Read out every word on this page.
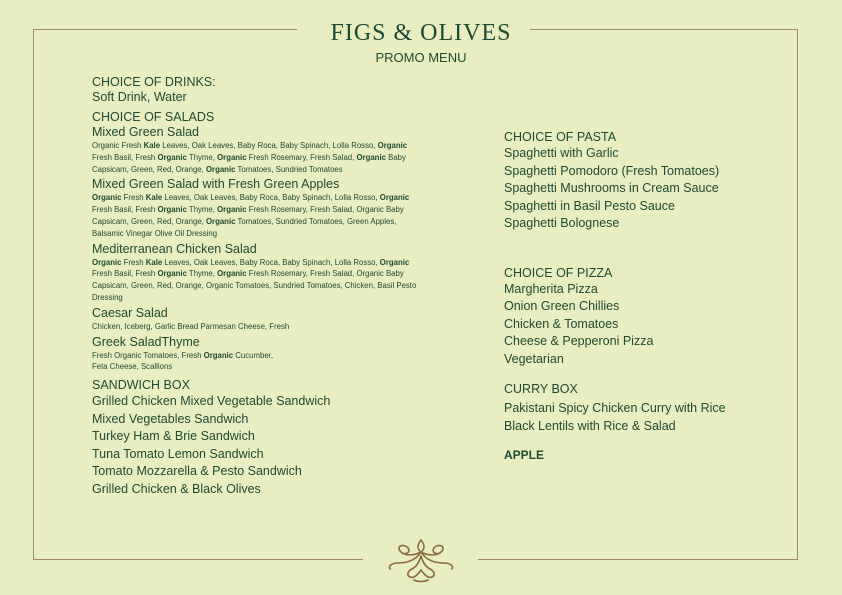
FIGS & OLIVES
PROMO MENU
CHOICE OF DRINKS:
Soft Drink, Water
CHOICE OF SALADS
Mixed Green Salad
Organic Fresh Kale Leaves, Oak Leaves, Baby Roca, Baby Spinach, Lolla Rosso, Organic Fresh Basil, Fresh Organic Thyme, Organic Fresh Rosemary, Fresh Salad, Organic Baby Capsicam, Green, Red, Orange, Organic Tomatoes, Sundried Tomatoes
Mixed Green Salad with Fresh Green Apples
Organic Fresh Kale Leaves, Oak Leaves, Baby Roca, Baby Spinach, Lolla Rosso, Organic Fresh Basil, Fresh Organic Thyme, Organic Fresh Rosemary, Fresh Salad, Organic Baby Capsicam, Green, Red, Orange, Organic Tomatoes, Sundried Tomatoes, Green Apples, Balsamic Vinegar Olive Oil Dressing
Mediterranean Chicken Salad
Organic Fresh Kale Leaves, Oak Leaves, Baby Roca, Baby Spinach, Lolla Rosso, Organic Fresh Basil, Fresh Organic Thyme, Organic Fresh Rosemary, Fresh Salad, Organic Baby Capsicam, Green, Red, Orange, Organic Tomatoes, Sundried Tomatoes, Chicken, Basil Pesto Dressing
Caesar Salad
Chicken, Iceberg, Garlic Bread Parmesan Cheese, Fresh
Greek SaladThyme
Fresh Organic Tomatoes, Fresh Organic Cucumber,
Feta Cheese, Scallions
SANDWICH BOX
Grilled Chicken Mixed Vegetable Sandwich
Mixed Vegetables Sandwich
Turkey Ham & Brie Sandwich
Tuna Tomato Lemon Sandwich
Tomato Mozzarella & Pesto Sandwich
Grilled Chicken & Black Olives
CHOICE OF PASTA
Spaghetti with Garlic
Spaghetti Pomodoro (Fresh Tomatoes)
Spaghetti Mushrooms in Cream Sauce
Spaghetti in Basil Pesto Sauce
Spaghetti Bolognese
CHOICE OF PIZZA
Margherita Pizza
Onion Green Chillies
Chicken & Tomatoes
Cheese & Pepperoni Pizza
Vegetarian
CURRY BOX
Pakistani Spicy Chicken Curry with Rice
Black Lentils with Rice & Salad
APPLE
